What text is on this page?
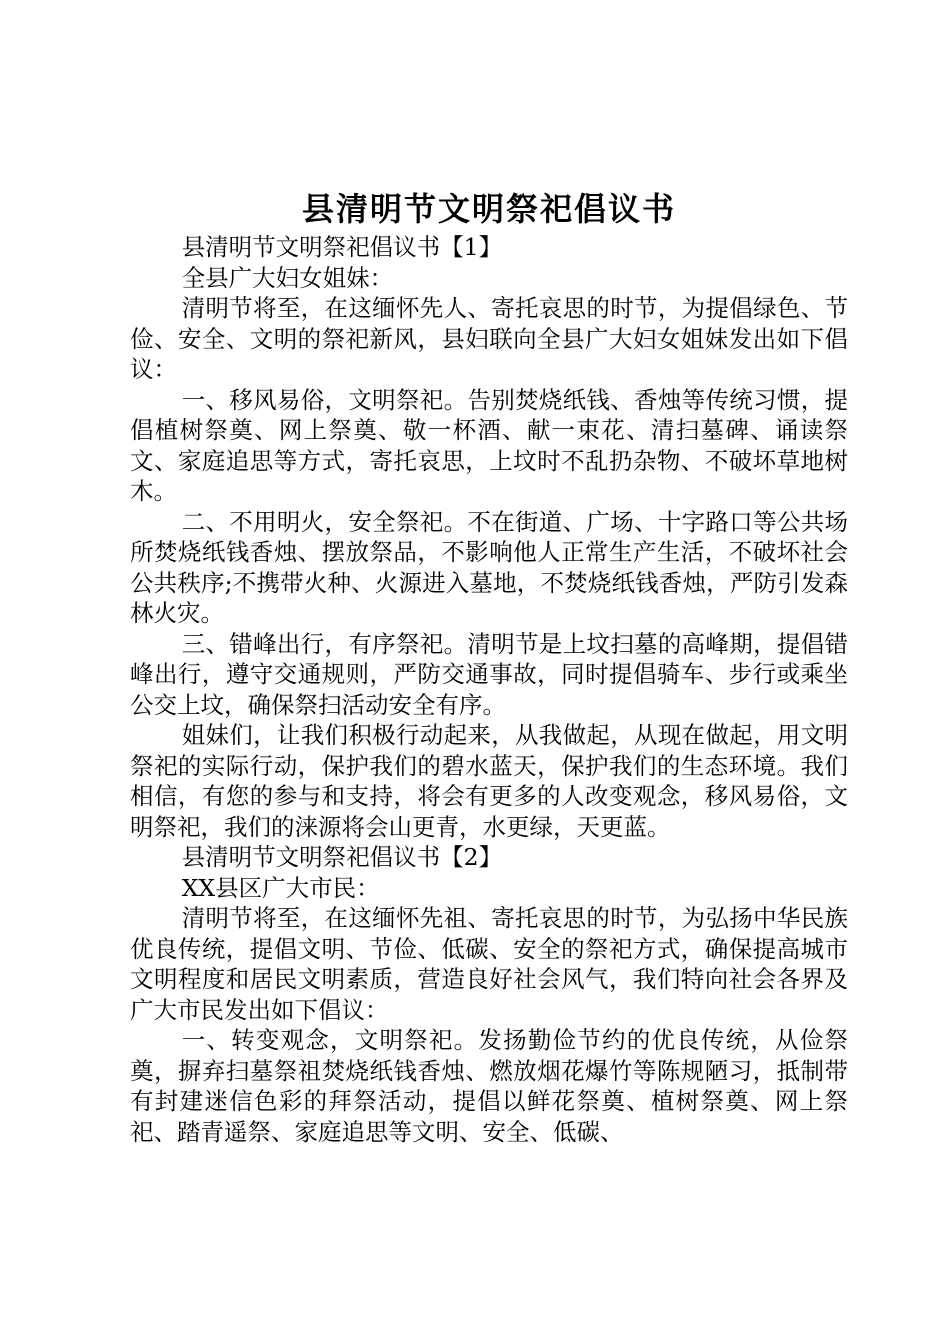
县清明节文明祭祀倡议书

县清明节文明祭祀倡议书【1】

全县广大妇女姐妹：

清明节将至，在这缅怀先人、寄托哀思的时节，为提倡绿色、节俭、安全、文明的祭祀新风，县妇联向全县广大妇女姐妹发出如下倡议：

一、移风易俗，文明祭祀。告别焚烧纸钱、香烛等传统习惯，提倡植树祭奠、网上祭奠、敬一杯酒、献一束花、清扫墓碑、诵读祭文、家庭追思等方式，寄托哀思，上坟时不乱扔杂物、不破坏草地树木。

二、不用明火，安全祭祀。不在街道、广场、十字路口等公共场所焚烧纸钱香烛、摆放祭品，不影响他人正常生产生活，不破坏社会公共秩序;不携带火种、火源进入墓地，不焚烧纸钱香烛，严防引发森林火灾。

三、错峰出行，有序祭祀。清明节是上坟扫墓的高峰期，提倡错峰出行，遵守交通规则，严防交通事故，同时提倡骑车、步行或乘坐公交上坟，确保祭扫活动安全有序。

姐妹们，让我们积极行动起来，从我做起，从现在做起，用文明祭祀的实际行动，保护我们的碧水蓝天，保护我们的生态环境。我们相信，有您的参与和支持，将会有更多的人改变观念，移风易俗，文明祭祀，我们的涞源将会山更青，水更绿，天更蓝。

县清明节文明祭祀倡议书【2】

XX县区广大市民：

清明节将至，在这缅怀先祖、寄托哀思的时节，为弘扬中华民族优良传统，提倡文明、节俭、低碳、安全的祭祀方式，确保提高城市文明程度和居民文明素质，营造良好社会风气，我们特向社会各界及广大市民发出如下倡议：

一、转变观念，文明祭祀。发扬勤俭节约的优良传统，从俭祭奠，摒弃扫墓祭祖焚烧纸钱香烛、燃放烟花爆竹等陈规陋习，抵制带有封建迷信色彩的拜祭活动，提倡以鲜花祭奠、植树祭奠、网上祭祀、踏青遥祭、家庭追思等文明、安全、低碳、
